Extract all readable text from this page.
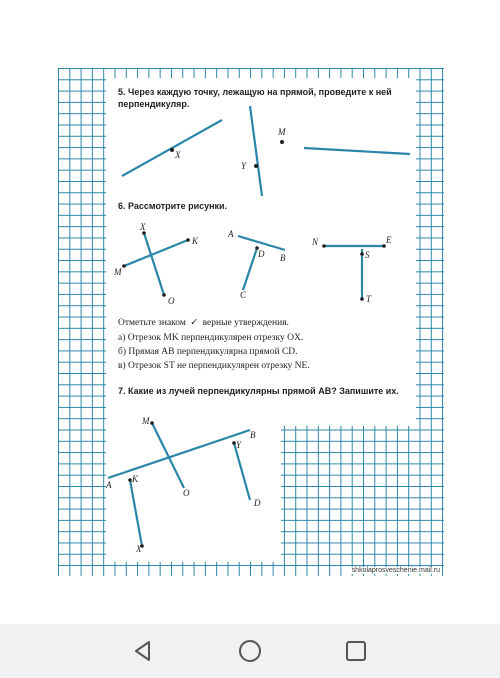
5. Через каждую точку, лежащую на прямой, проведите к ней
перпендикуляр.
6. Рассмотрите рисунки.
Отметьте знаком ✓ верные утверждения.
а) Отрезок MK перпендикулярен отрезку OX.
б) Прямая AB перпендикулярна прямой CD.
в) Отрезок ST не перпендикулярен отрезку NE.
7. Какие из лучей перпендикулярны прямой AB? Запишите их.
X
Y
M
X
K
M
O
A
D B
C
N	E
S
T
M
B
Y
A
K
O
D
X
shkolaprosveschenie.mail.ru
